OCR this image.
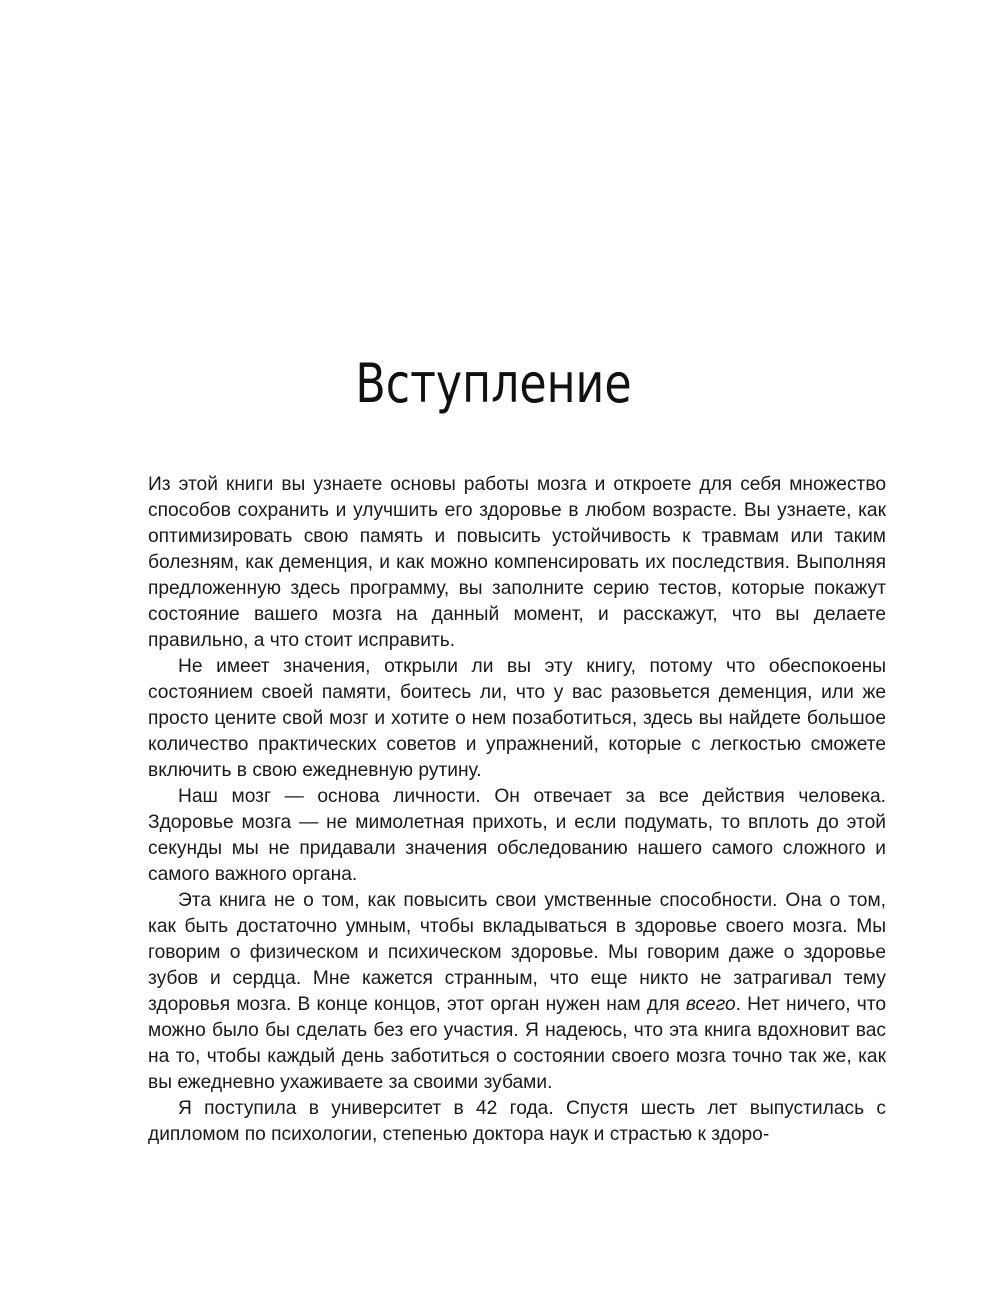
Вступление

Из этой книги вы узнаете основы работы мозга и откроете для себя множество способов сохранить и улучшить его здоровье в любом возрасте. Вы узнаете, как оптимизировать свою память и повысить устойчивость к травмам или таким болезням, как деменция, и как можно компенсировать их последствия. Выполняя предложенную здесь программу, вы заполните серию тестов, которые покажут состояние вашего мозга на данный момент, и расскажут, что вы делаете правильно, а что стоит исправить.

Не имеет значения, открыли ли вы эту книгу, потому что обеспокоены состоянием своей памяти, боитесь ли, что у вас разовьется деменция, или же просто цените свой мозг и хотите о нем позаботиться, здесь вы найдете большое количество практических советов и упражнений, которые с легкостью сможете включить в свою ежедневную рутину.

Наш мозг — основа личности. Он отвечает за все действия человека. Здоровье мозга — не мимолетная прихоть, и если подумать, то вплоть до этой секунды мы не придавали значения обследованию нашего самого сложного и самого важного органа.

Эта книга не о том, как повысить свои умственные способности. Она о том, как быть достаточно умным, чтобы вкладываться в здоровье своего мозга. Мы говорим о физическом и психическом здоровье. Мы говорим даже о здоровье зубов и сердца. Мне кажется странным, что еще никто не затрагивал тему здоровья мозга. В конце концов, этот орган нужен нам для всего. Нет ничего, что можно было бы сделать без его участия. Я надеюсь, что эта книга вдохновит вас на то, чтобы каждый день заботиться о состоянии своего мозга точно так же, как вы ежедневно ухаживаете за своими зубами.

Я поступила в университет в 42 года. Спустя шесть лет выпустилась с дипломом по психологии, степенью доктора наук и страстью к здоро-
